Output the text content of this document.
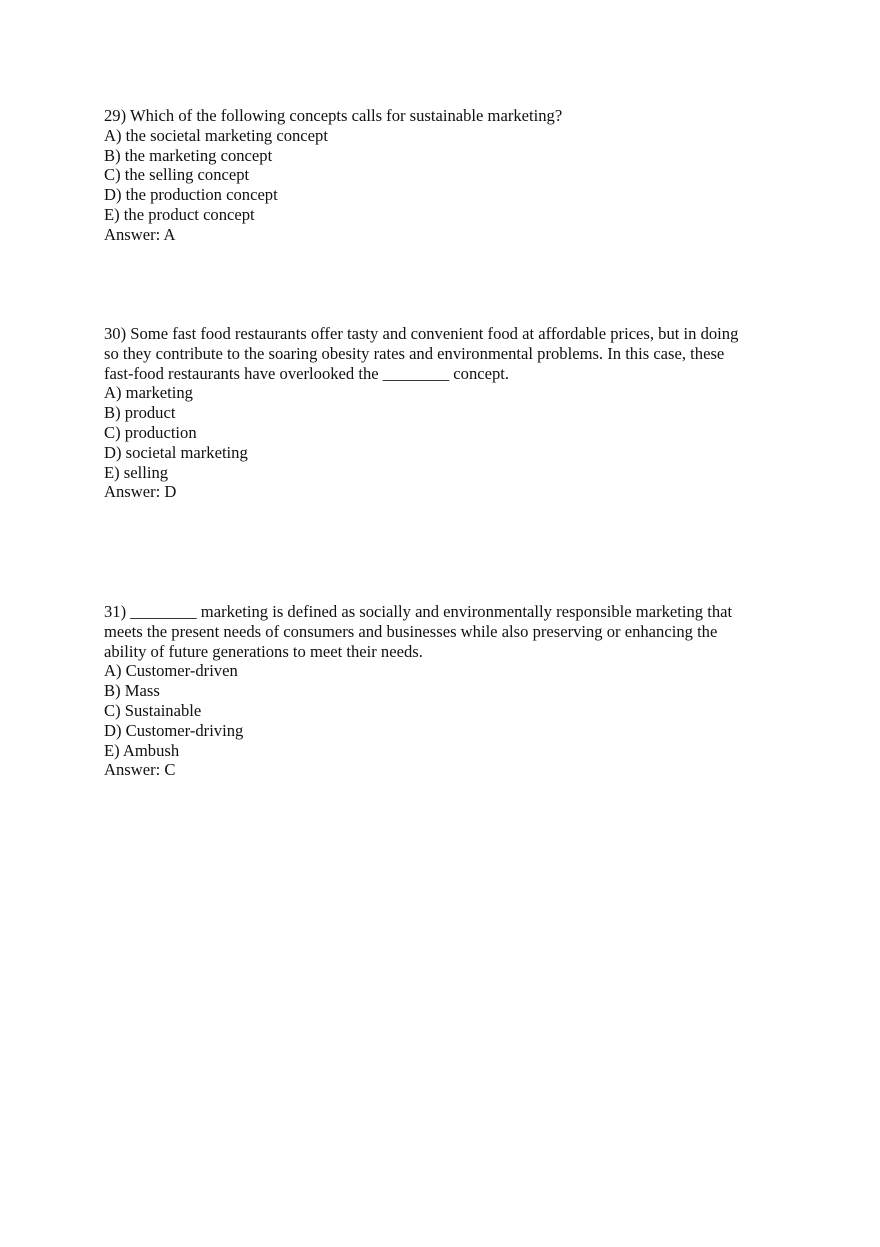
29) Which of the following concepts calls for sustainable marketing?
A) the societal marketing concept
B) the marketing concept
C) the selling concept
D) the production concept
E) the product concept
Answer: A
30) Some fast food restaurants offer tasty and convenient food at affordable prices, but in doing
so they contribute to the soaring obesity rates and environmental problems. In this case, these
fast-food restaurants have overlooked the ________ concept.
A) marketing
B) product
C) production
D) societal marketing
E) selling
Answer: D
31) ________ marketing is defined as socially and environmentally responsible marketing that
meets the present needs of consumers and businesses while also preserving or enhancing the
ability of future generations to meet their needs.
A) Customer-driven
B) Mass
C) Sustainable
D) Customer-driving
E) Ambush
Answer: C
